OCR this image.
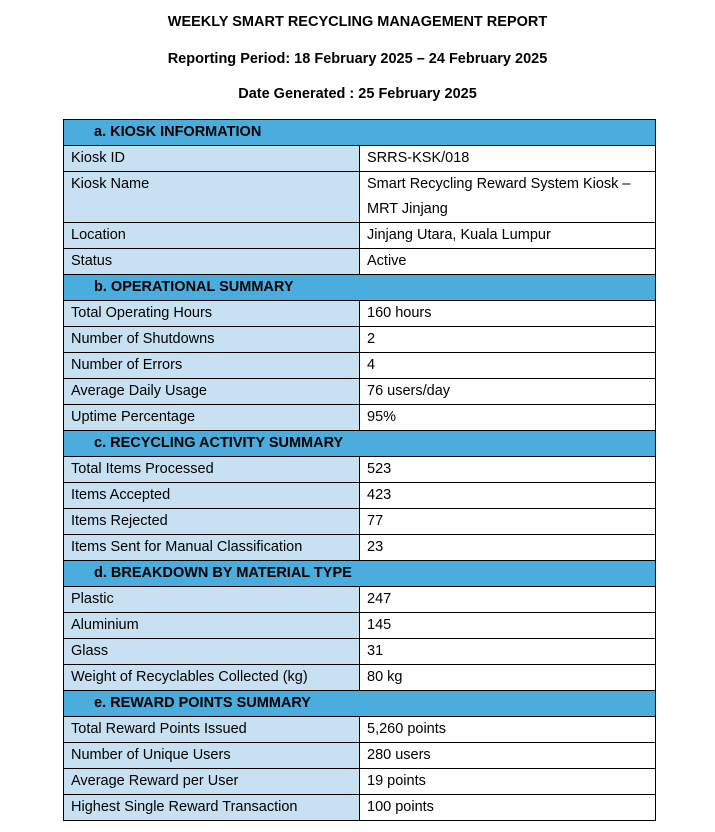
WEEKLY SMART RECYCLING MANAGEMENT REPORT
Reporting Period: 18 February 2025 – 24 February 2025
Date Generated : 25 February 2025
a. KIOSK INFORMATION	
Kiosk ID	SRRS-KSK/018
Kiosk Name	Smart Recycling Reward System Kiosk – MRT Jinjang
Location	Jinjang Utara, Kuala Lumpur
Status	Active
b. OPERATIONAL SUMMARY	
Total Operating Hours	160 hours
Number of Shutdowns	2
Number of Errors	4
Average Daily Usage	76 users/day
Uptime Percentage	95%
c. RECYCLING ACTIVITY SUMMARY	
Total Items Processed	523
Items Accepted	423
Items Rejected	77
Items Sent for Manual Classification	23
d. BREAKDOWN BY MATERIAL TYPE	
Plastic	247
Aluminium	145
Glass	31
Weight of Recyclables Collected (kg)	80 kg
e. REWARD POINTS SUMMARY	
Total Reward Points Issued	5,260 points
Number of Unique Users	280 users
Average Reward per User	19 points
Highest Single Reward Transaction	100 points
